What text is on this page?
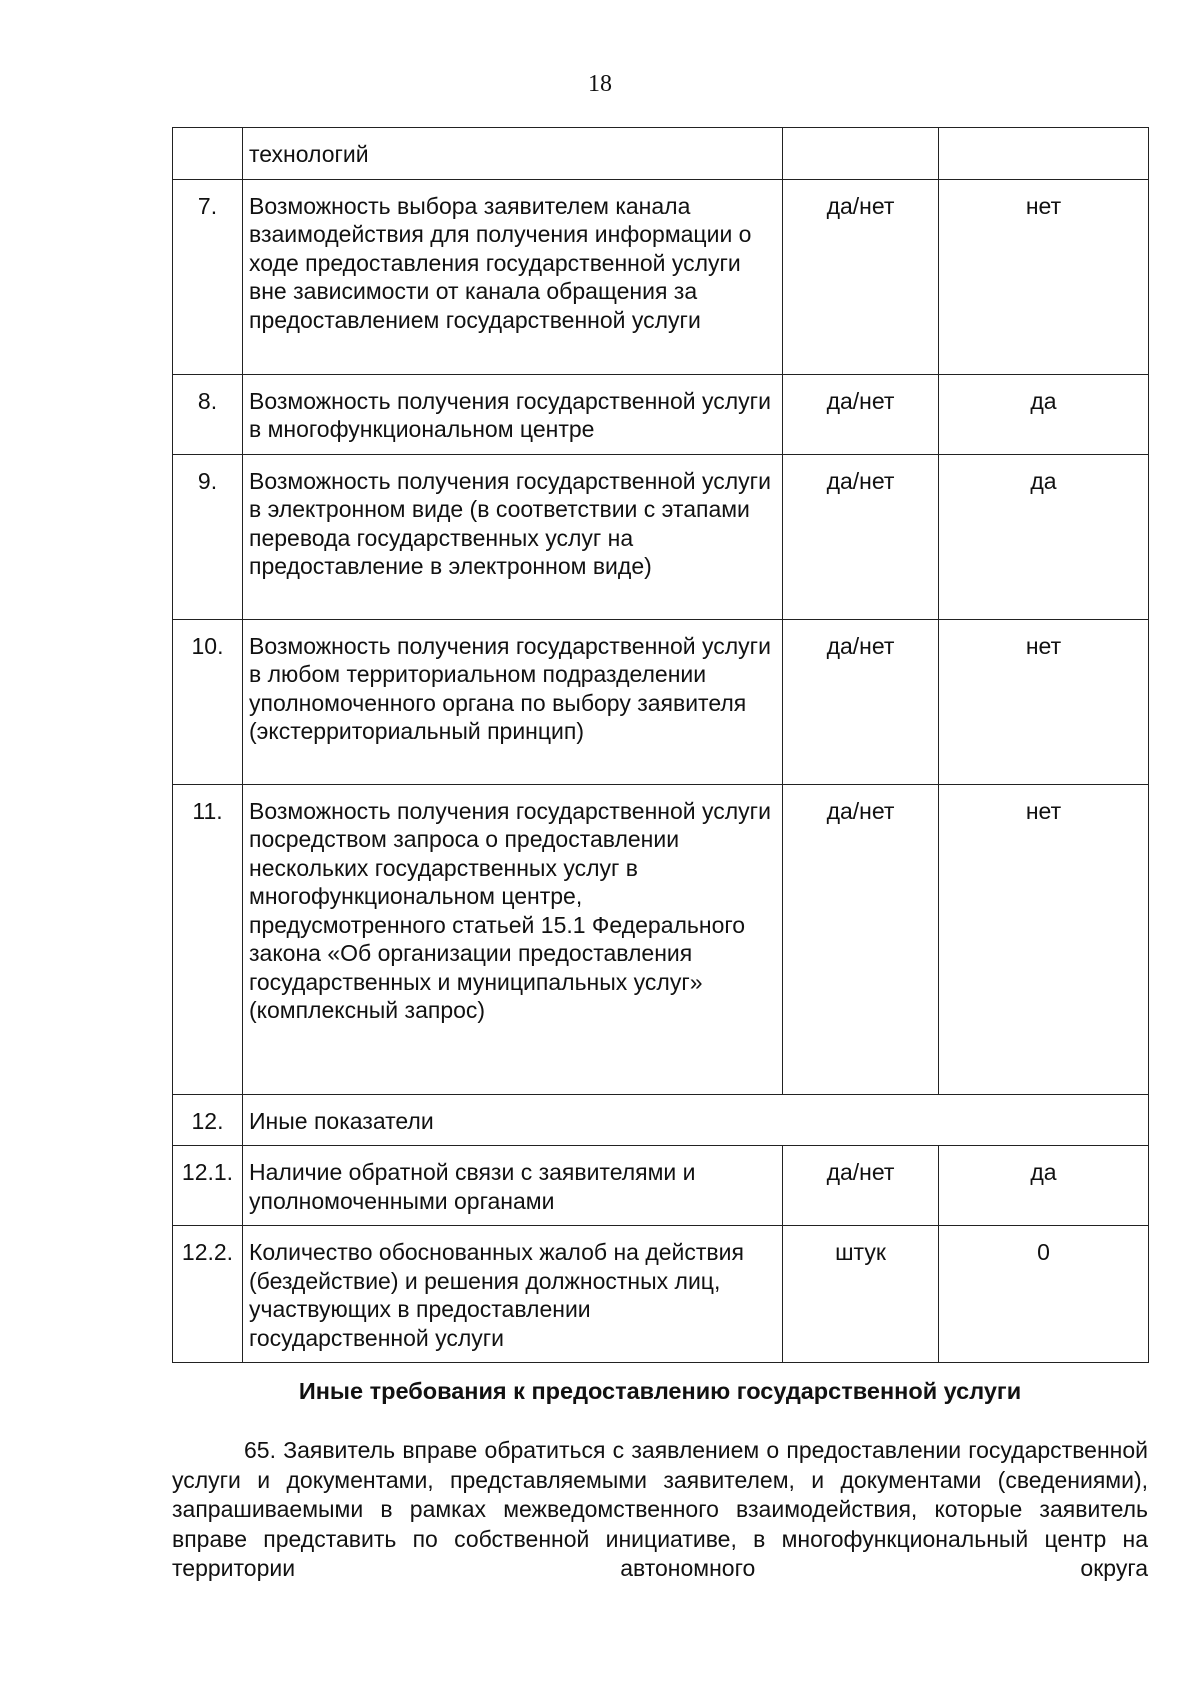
18
	технологий		
7.	Возможность выбора заявителем канала взаимодействия для получения информации о ходе предоставления государственной услуги вне зависимости от канала обращения за предоставлением государственной услуги	да/нет	нет
8.	Возможность получения государственной услуги в многофункциональном центре	да/нет	да
9.	Возможность получения государственной услуги в электронном виде (в соответствии с этапами перевода государственных услуг на предоставление в электронном виде)	да/нет	да
10.	Возможность получения государственной услуги в любом территориальном подразделении уполномоченного органа по выбору заявителя (экстерриториальный принцип)	да/нет	нет
11.	Возможность получения государственной услуги посредством запроса о предоставлении нескольких государственных услуг в многофункциональном центре, предусмотренного статьей 15.1 Федерального закона «Об организации предоставления государственных и муниципальных услуг» (комплексный запрос)	да/нет	нет
12.	Иные показатели		
12.1.	Наличие обратной связи с заявителями и уполномоченными органами	да/нет	да
12.2.	Количество обоснованных жалоб на действия (бездействие) и решения должностных лиц, участвующих в предоставлении государственной услуги	штук	0
Иные требования к предоставлению государственной услуги
65. Заявитель вправе обратиться с заявлением о предоставлении государственной услуги и документами, представляемыми заявителем, и документами (сведениями), запрашиваемыми в рамках межведомственного взаимодействия, которые заявитель вправе представить по собственной инициативе, в многофункциональный центр на территории автономного округа
